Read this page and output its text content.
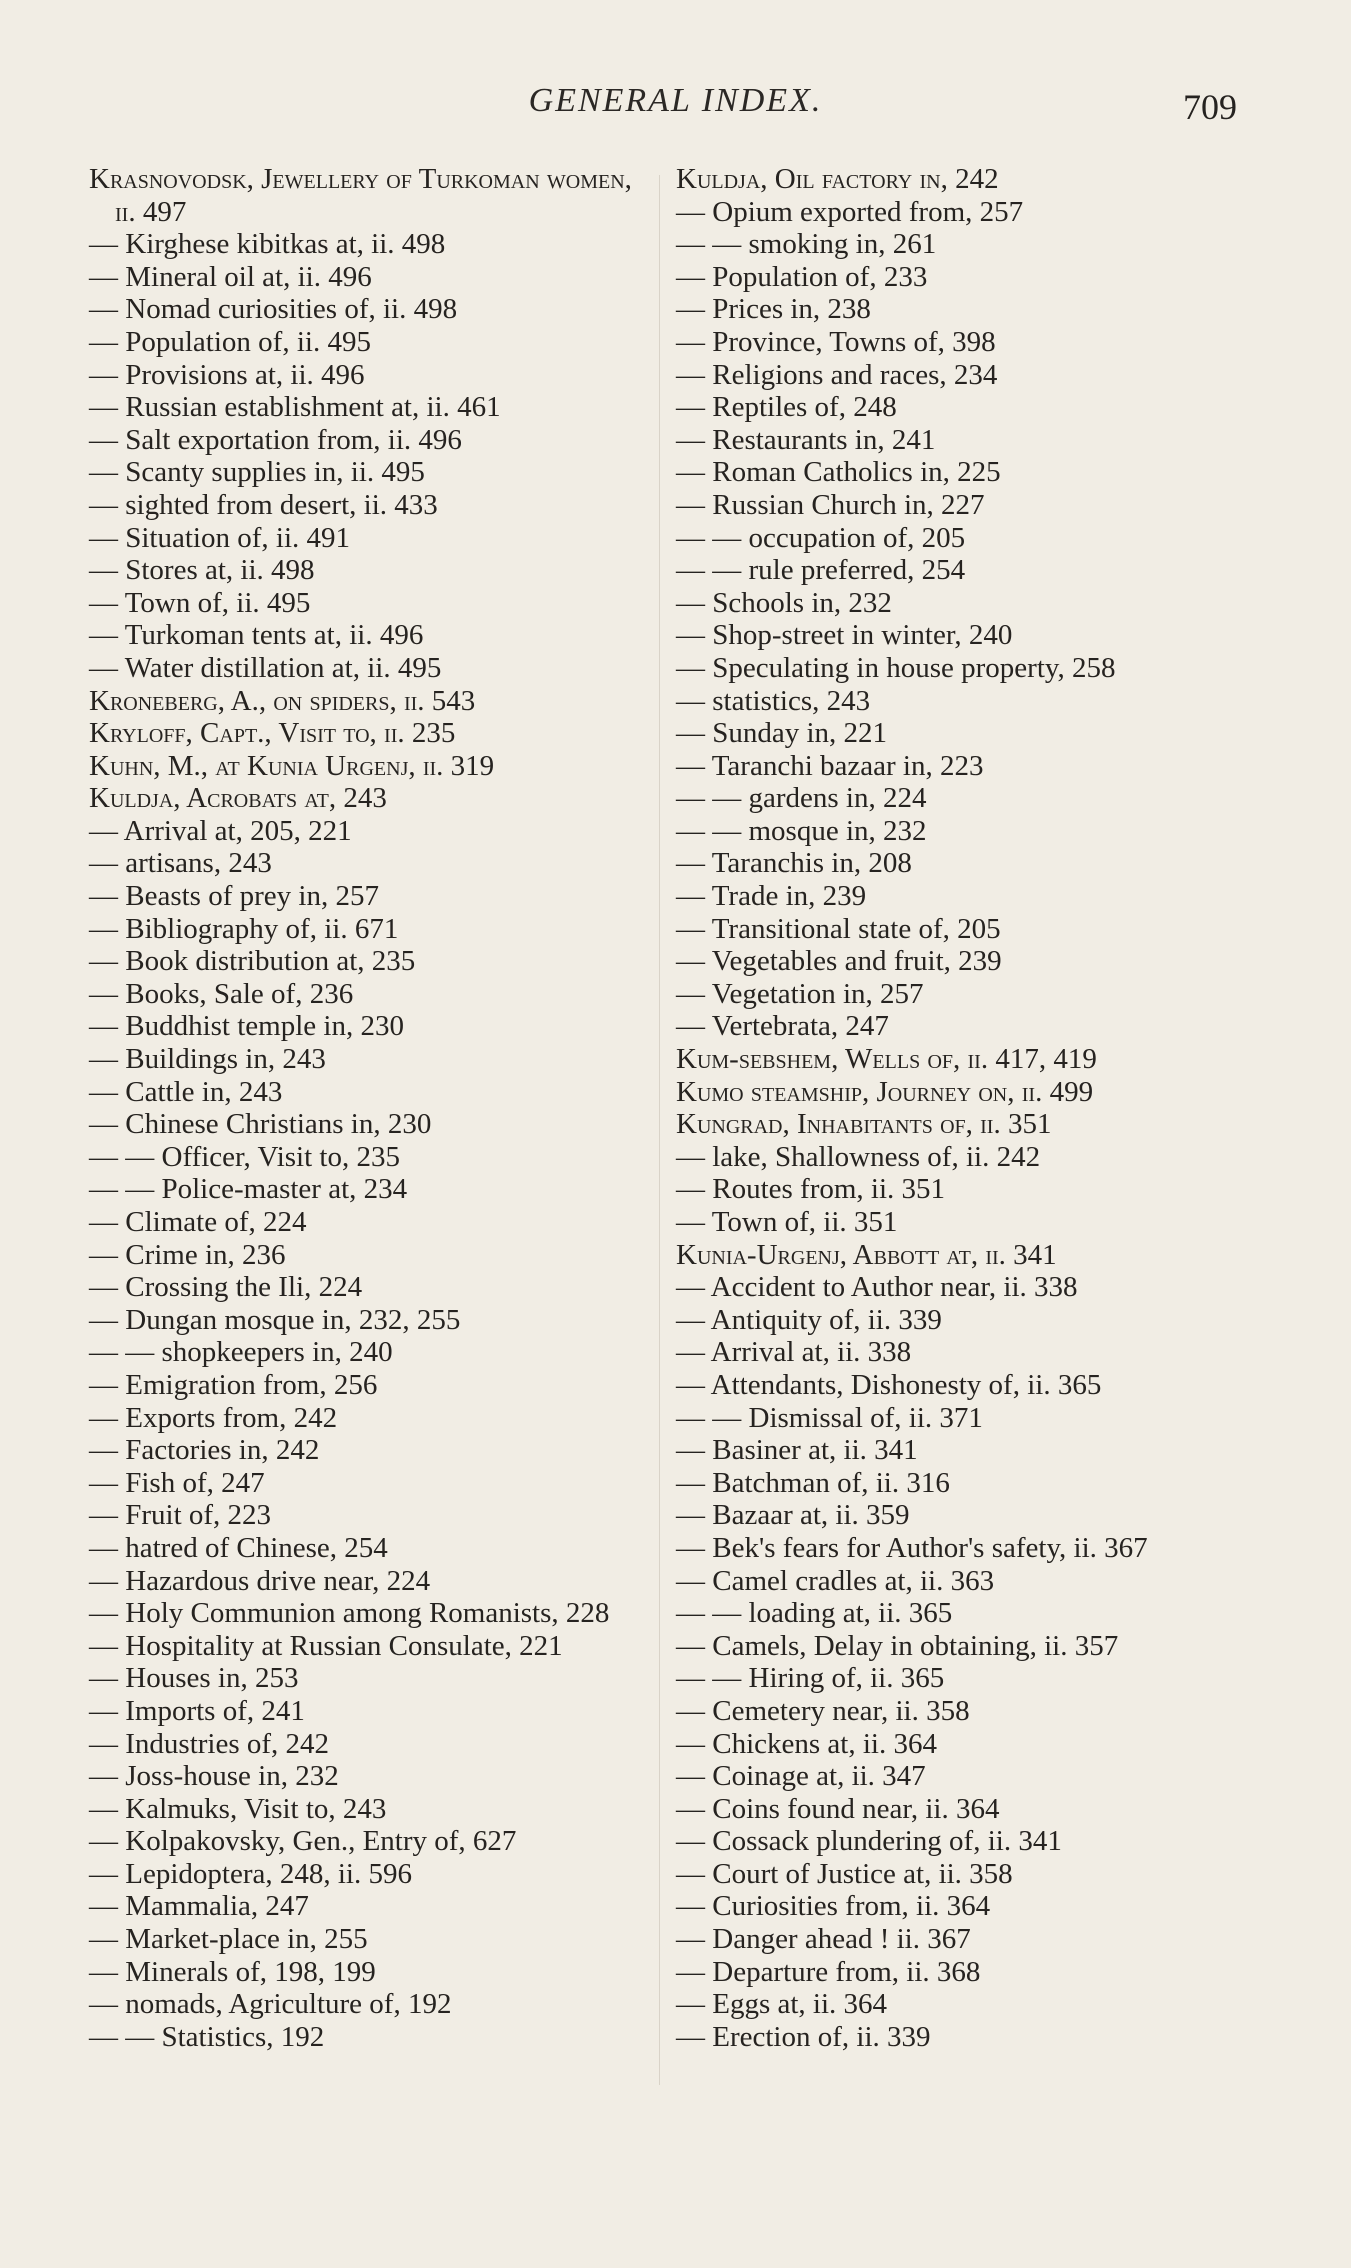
GENERAL INDEX.	709
Krasnovodsk, Jewellery of Turkoman women, ii. 497
— Kirghese kibitkas at, ii. 498
— Mineral oil at, ii. 496
— Nomad curiosities of, ii. 498
— Population of, ii. 495
— Provisions at, ii. 496
— Russian establishment at, ii. 461
— Salt exportation from, ii. 496
— Scanty supplies in, ii. 495
— sighted from desert, ii. 433
— Situation of, ii. 491
— Stores at, ii. 498
— Town of, ii. 495
— Turkoman tents at, ii. 496
— Water distillation at, ii. 495
Kroneberg, A., on spiders, ii. 543
Kryloff, Capt., Visit to, ii. 235
Kuhn, M., at Kunia Urgenj, ii. 319
Kuldja, Acrobats at, 243
— Arrival at, 205, 221
— artisans, 243
— Beasts of prey in, 257
— Bibliography of, ii. 671
— Book distribution at, 235
— Books, Sale of, 236
— Buddhist temple in, 230
— Buildings in, 243
— Cattle in, 243
— Chinese Christians in, 230
— — Officer, Visit to, 235
— — Police-master at, 234
— Climate of, 224
— Crime in, 236
— Crossing the Ili, 224
— Dungan mosque in, 232, 255
— — shopkeepers in, 240
— Emigration from, 256
— Exports from, 242
— Factories in, 242
— Fish of, 247
— Fruit of, 223
— hatred of Chinese, 254
— Hazardous drive near, 224
— Holy Communion among Romanists, 228
— Hospitality at Russian Consulate, 221
— Houses in, 253
— Imports of, 241
— Industries of, 242
— Joss-house in, 232
— Kalmuks, Visit to, 243
— Kolpakovsky, Gen., Entry of, 627
— Lepidoptera, 248, ii. 596
— Mammalia, 247
— Market-place in, 255
— Minerals of, 198, 199
— nomads, Agriculture of, 192
— — Statistics, 192
Kuldja, Oil factory in, 242
— Opium exported from, 257
— — smoking in, 261
— Population of, 233
— Prices in, 238
— Province, Towns of, 398
— Religions and races, 234
— Reptiles of, 248
— Restaurants in, 241
— Roman Catholics in, 225
— Russian Church in, 227
— — occupation of, 205
— — rule preferred, 254
— Schools in, 232
— Shop-street in winter, 240
— Speculating in house property, 258
— statistics, 243
— Sunday in, 221
— Taranchi bazaar in, 223
— — gardens in, 224
— — mosque in, 232
— Taranchis in, 208
— Trade in, 239
— Transitional state of, 205
— Vegetables and fruit, 239
— Vegetation in, 257
— Vertebrata, 247
Kum-sebshem, Wells of, ii. 417, 419
Kumo steamship, Journey on, ii. 499
Kungrad, Inhabitants of, ii. 351
— lake, Shallowness of, ii. 242
— Routes from, ii. 351
— Town of, ii. 351
Kunia-Urgenj, Abbott at, ii. 341
— Accident to Author near, ii. 338
— Antiquity of, ii. 339
— Arrival at, ii. 338
— Attendants, Dishonesty of, ii. 365
— — Dismissal of, ii. 371
— Basiner at, ii. 341
— Batchman of, ii. 316
— Bazaar at, ii. 359
— Bek's fears for Author's safety, ii. 367
— Camel cradles at, ii. 363
— — loading at, ii. 365
— Camels, Delay in obtaining, ii. 357
— — Hiring of, ii. 365
— Cemetery near, ii. 358
— Chickens at, ii. 364
— Coinage at, ii. 347
— Coins found near, ii. 364
— Cossack plundering of, ii. 341
— Court of Justice at, ii. 358
— Curiosities from, ii. 364
— Danger ahead ! ii. 367
— Departure from, ii. 368
— Eggs at, ii. 364
— Erection of, ii. 339
